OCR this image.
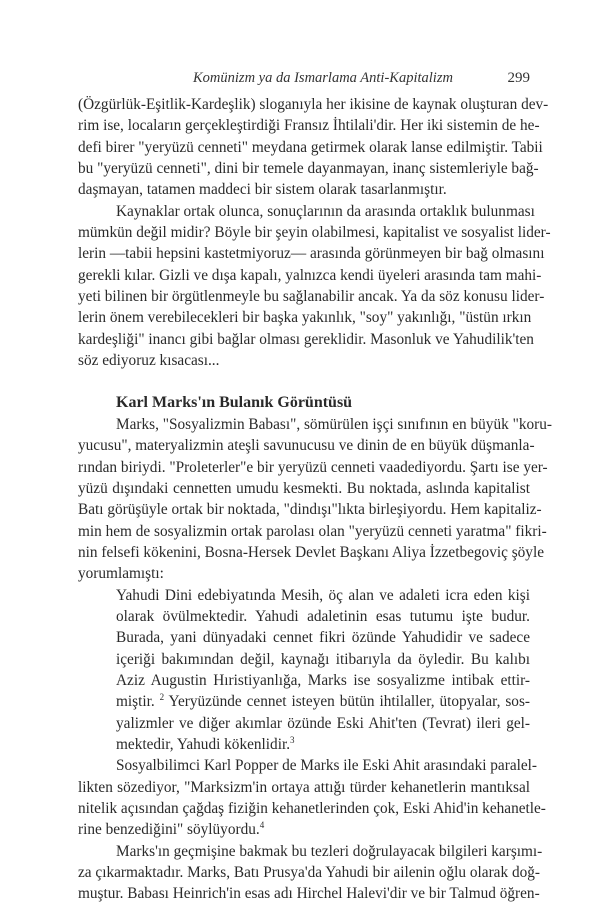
Komünizm ya da Ismarlama Anti-Kapitalizm	299

(Özgürlük-Eşitlik-Kardeşlik) sloganıyla her ikisine de kaynak oluşturan dev-
rim ise, locaların gerçekleştirdiği Fransız İhtilali'dir. Her iki sistemin de he-
defi birer "yeryüzü cenneti" meydana getirmek olarak lanse edilmiştir. Tabii
bu "yeryüzü cenneti", dini bir temele dayanmayan, inanç sistemleriyle bağ-
daşmayan, tatamen maddeci bir sistem olarak tasarlanmıştır.

Kaynaklar ortak olunca, sonuçlarının da arasında ortaklık bulunması
mümkün değil midir? Böyle bir şeyin olabilmesi, kapitalist ve sosyalist lider-
lerin —tabii hepsini kastetmiyoruz— arasında görünmeyen bir bağ olmasını
gerekli kılar. Gizli ve dışa kapalı, yalnızca kendi üyeleri arasında tam mahi-
yeti bilinen bir örgütlenmeyle bu sağlanabilir ancak. Ya da söz konusu lider-
lerin önem verebilecekleri bir başka yakınlık, "soy" yakınlığı, "üstün ırkın
kardeşliği" inancı gibi bağlar olması gereklidir. Masonluk ve Yahudilik'ten
söz ediyoruz kısacası...

Karl Marks'ın Bulanık Görüntüsü

Marks, "Sosyalizmin Babası", sömürülen işçi sınıfının en büyük "koru-
yucusu", materyalizmin ateşli savunucusu ve dinin de en büyük düşmanla-
rından biriydi. "Proleterler"e bir yeryüzü cenneti vaadediyordu. Şartı ise yer-
yüzü dışındaki cennetten umudu kesmekti. Bu noktada, aslında kapitalist
Batı görüşüyle ortak bir noktada, "dindışı"lıkta birleşiyordu. Hem kapitaliz-
min hem de sosyalizmin ortak parolası olan "yeryüzü cenneti yaratma" fikri-
nin felsefi kökenini, Bosna-Hersek Devlet Başkanı Aliya İzzetbegoviç şöyle
yorumlamıştı:

Yahudi Dini edebiyatında Mesih, öç alan ve adaleti icra eden kişi
olarak övülmektedir. Yahudi adaletinin esas tutumu işte budur.
Burada, yani dünyadaki cennet fikri özünde Yahudidir ve sadece
içeriği bakımından değil, kaynağı itibarıyla da öyledir. Bu kalıbı
Aziz Augustin Hıristiyanlığa, Marks ise sosyalizme intibak ettir-
miştir. $^2$ Yeryüzünde cennet isteyen bütün ihtilaller, ütopyalar, sos-
yalizmler ve diğer akımlar özünde Eski Ahit'ten (Tevrat) ileri gel-
mektedir, Yahudi kökenlidir.$^3$

Sosyalbilimci Karl Popper de Marks ile Eski Ahit arasındaki paralel-
likten sözediyor, "Marksizm'in ortaya attığı türder kehanetlerin mantıksal
nitelik açısından çağdaş fiziğin kehanetlerinden çok, Eski Ahid'in kehanetle-
rine benzediğini" söylüyordu.$^4$

Marks'ın geçmişine bakmak bu tezleri doğrulayacak bilgileri karşımı-
za çıkarmaktadır. Marks, Batı Prusya'da Yahudi bir ailenin oğlu olarak doğ-
muştur. Babası Heinrich'in esas adı Hirchel Halevi'dir ve bir Talmud öğren-
